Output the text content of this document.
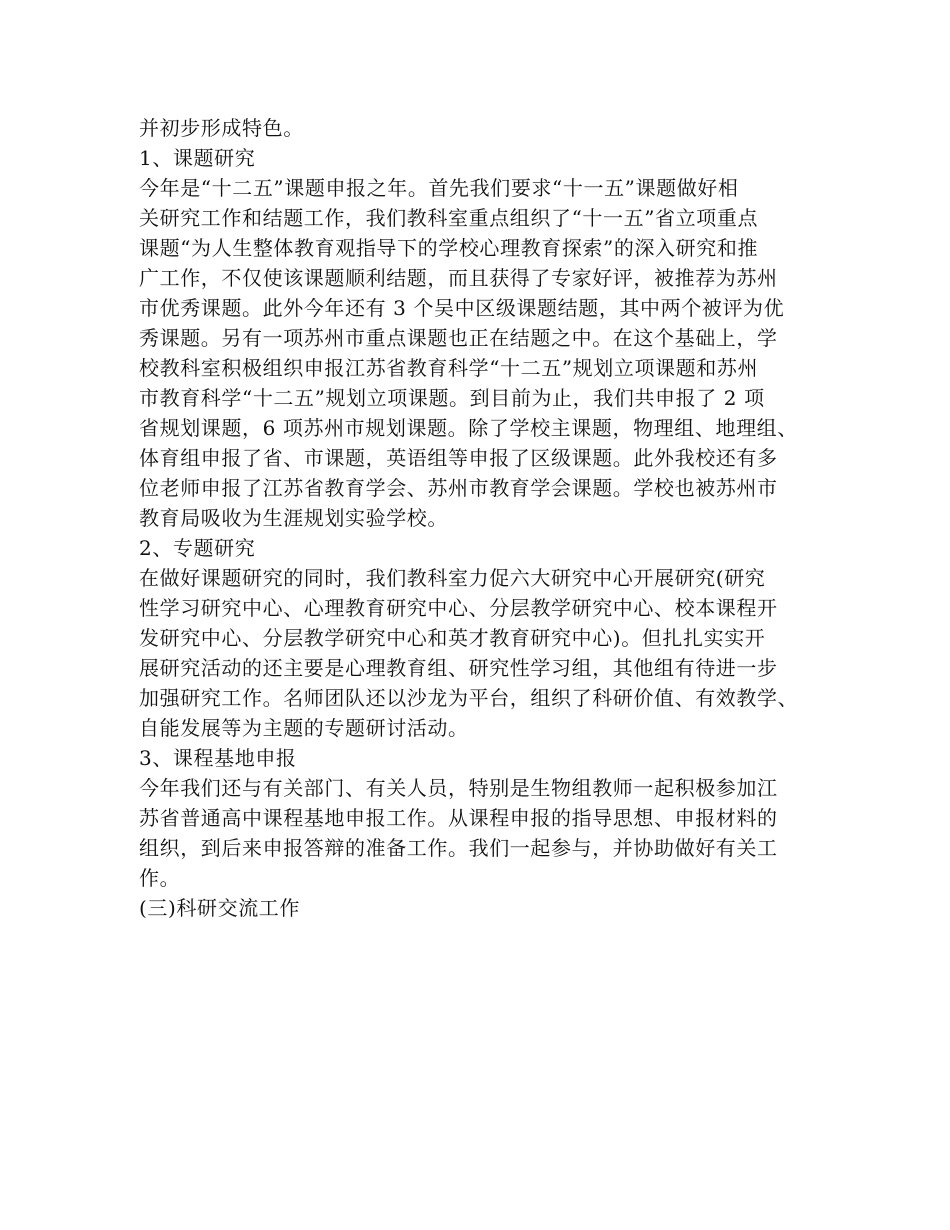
并初步形成特色。
1、课题研究
今年是“十二五”课题申报之年。首先我们要求“十一五”课题做好相
关研究工作和结题工作，我们教科室重点组织了“十一五”省立项重点
课题“为人生整体教育观指导下的学校心理教育探索”的深入研究和推
广工作，不仅使该课题顺利结题，而且获得了专家好评，被推荐为苏州
市优秀课题。此外今年还有 3 个吴中区级课题结题，其中两个被评为优
秀课题。另有一项苏州市重点课题也正在结题之中。在这个基础上，学
校教科室积极组织申报江苏省教育科学“十二五”规划立项课题和苏州
市教育科学“十二五”规划立项课题。到目前为止，我们共申报了 2 项
省规划课题，6 项苏州市规划课题。除了学校主课题，物理组、地理组、
体育组申报了省、市课题，英语组等申报了区级课题。此外我校还有多
位老师申报了江苏省教育学会、苏州市教育学会课题。学校也被苏州市
教育局吸收为生涯规划实验学校。
2、专题研究
在做好课题研究的同时，我们教科室力促六大研究中心开展研究(研究
性学习研究中心、心理教育研究中心、分层教学研究中心、校本课程开
发研究中心、分层教学研究中心和英才教育研究中心)。但扎扎实实开
展研究活动的还主要是心理教育组、研究性学习组，其他组有待进一步
加强研究工作。名师团队还以沙龙为平台，组织了科研价值、有效教学、
自能发展等为主题的专题研讨活动。
3、课程基地申报
今年我们还与有关部门、有关人员，特别是生物组教师一起积极参加江
苏省普通高中课程基地申报工作。从课程申报的指导思想、申报材料的
组织，到后来申报答辩的准备工作。我们一起参与，并协助做好有关工
作。
(三)科研交流工作
